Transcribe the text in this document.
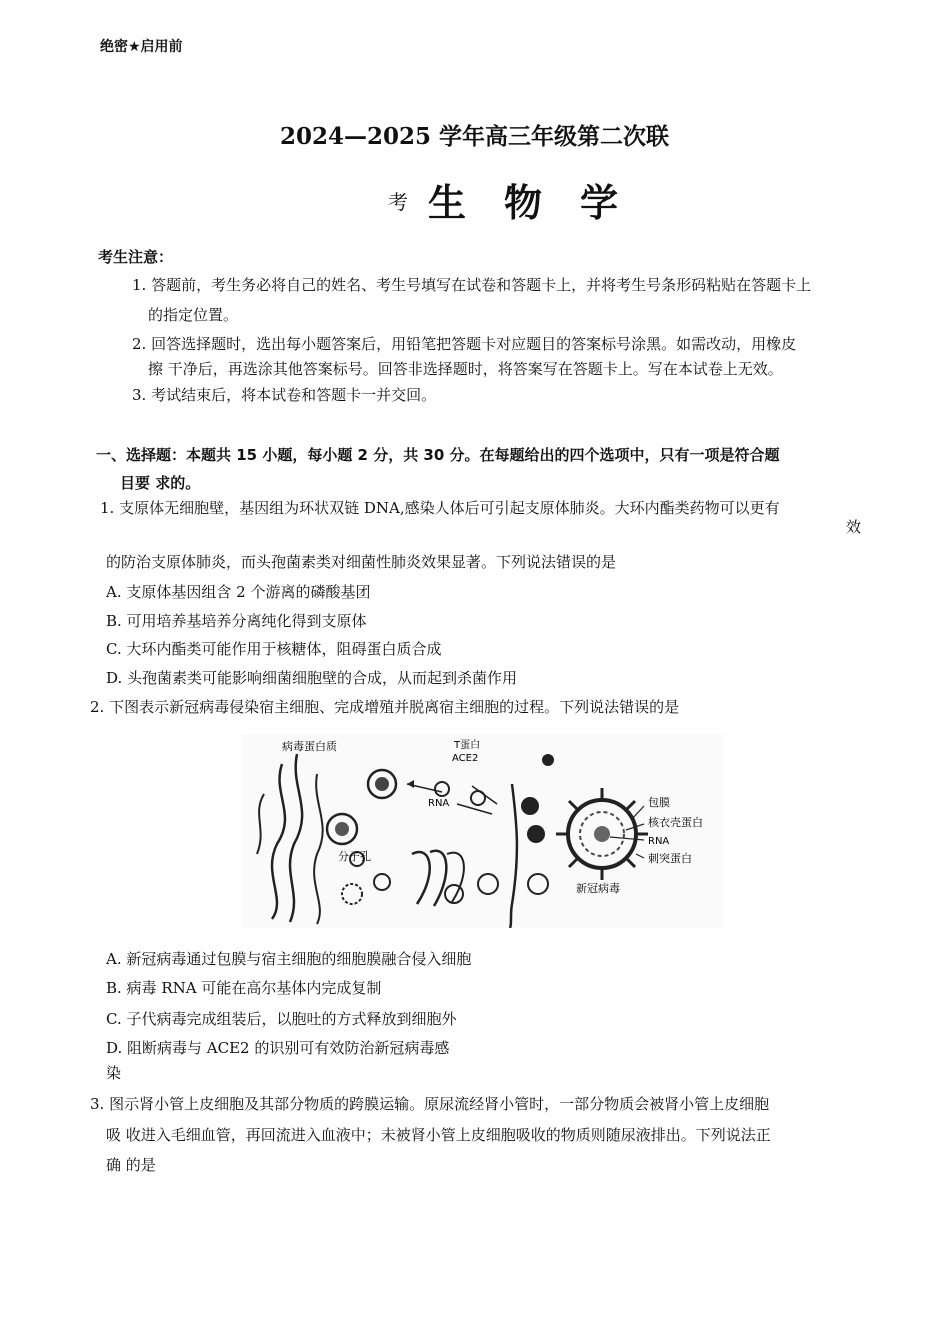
绝密★启用前
2024—2025 学年高三年级第二次联
考 生物学
考生注意：
1. 答题前，考生务必将自己的姓名、考生号填写在试卷和答题卡上，并将考生号条形码粘贴在答题卡上
的指定位置。
2. 回答选择题时，选出每小题答案后，用铅笔把答题卡对应题目的答案标号涂黑。如需改动，用橡皮
擦 干净后，再选涂其他答案标号。回答非选择题时，将答案写在答题卡上。写在本试卷上无效。
3. 考试结束后，将本试卷和答题卡一并交回。
一、选择题：本题共 15 小题，每小题 2 分，共 30 分。在每题给出的四个选项中，只有一项是符合题
目要 求的。
1. 支原体无细胞壁，基因组为环状双链 DNA,感染人体后可引起支原体肺炎。大环内酯类药物可以更有
效
的防治支原体肺炎，而头孢菌素类对细菌性肺炎效果显著。下列说法错误的是
A. 支原体基因组含 2 个游离的磷酸基团
B. 可用培养基培养分离纯化得到支原体
C. 大环内酯类可能作用于核糖体，阻碍蛋白质合成
D. 头孢菌素类可能影响细菌细胞壁的合成，从而起到杀菌作用
2. 下图表示新冠病毒侵染宿主细胞、完成增殖并脱离宿主细胞的过程。下列说法错误的是
病毒蛋白质	T蛋白
ACE2
RNA
分子孔
包膜
核衣壳蛋白
RNA
刺突蛋白
新冠病毒
A. 新冠病毒通过包膜与宿主细胞的细胞膜融合侵入细胞
B. 病毒 RNA 可能在高尔基体内完成复制
C. 子代病毒完成组装后，以胞吐的方式释放到细胞外
D. 阻断病毒与 ACE2 的识别可有效防治新冠病毒感
染
3. 图示肾小管上皮细胞及其部分物质的跨膜运输。原尿流经肾小管时，一部分物质会被肾小管上皮细胞
吸 收进入毛细血管，再回流进入血液中；未被肾小管上皮细胞吸收的物质则随尿液排出。下列说法正
确 的是
